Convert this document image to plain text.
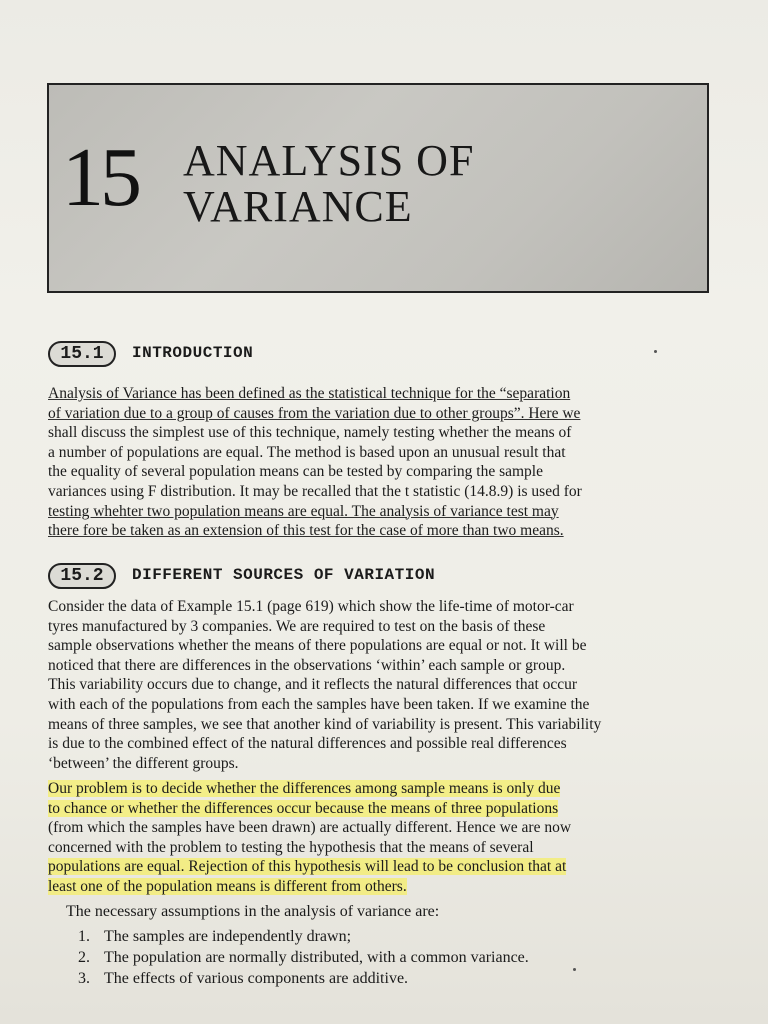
15 ANALYSIS OF
VARIANCE
15.1	INTRODUCTION
Analysis of Variance has been defined as the statistical technique for the “separation
of variation due to a group of causes from the variation due to other groups”. Here we
shall discuss the simplest use of this technique, namely testing whether the means of
a number of populations are equal. The method is based upon an unusual result that
the equality of several population means can be tested by comparing the sample
variances using F distribution. It may be recalled that the t statistic (14.8.9) is used for
testing whehter two population means are equal. The analysis of variance test may
there fore be taken as an extension of this test for the case of more than two means.
15.2	DIFFERENT SOURCES OF VARIATION
Consider the data of Example 15.1 (page 619) which show the life-time of motor-car
tyres manufactured by 3 companies. We are required to test on the basis of these
sample observations whether the means of there populations are equal or not. It will be
noticed that there are differences in the observations ‘within’ each sample or group.
This variability occurs due to change, and it reflects the natural differences that occur
with each of the populations from each the samples have been taken. If we examine the
means of three samples, we see that another kind of variability is present. This variability
is due to the combined effect of the natural differences and possible real differences
‘between’ the different groups.
Our problem is to decide whether the differences among sample means is only due
to chance or whether the differences occur because the means of three populations
(from which the samples have been drawn) are actually different. Hence we are now
concerned with the problem to testing the hypothesis that the means of several
populations are equal. Rejection of this hypothesis will lead to be conclusion that at
least one of the population means is different from others.
The necessary assumptions in the analysis of variance are:
1. The samples are independently drawn;
2. The population are normally distributed, with a common variance.
3. The effects of various components are additive.
